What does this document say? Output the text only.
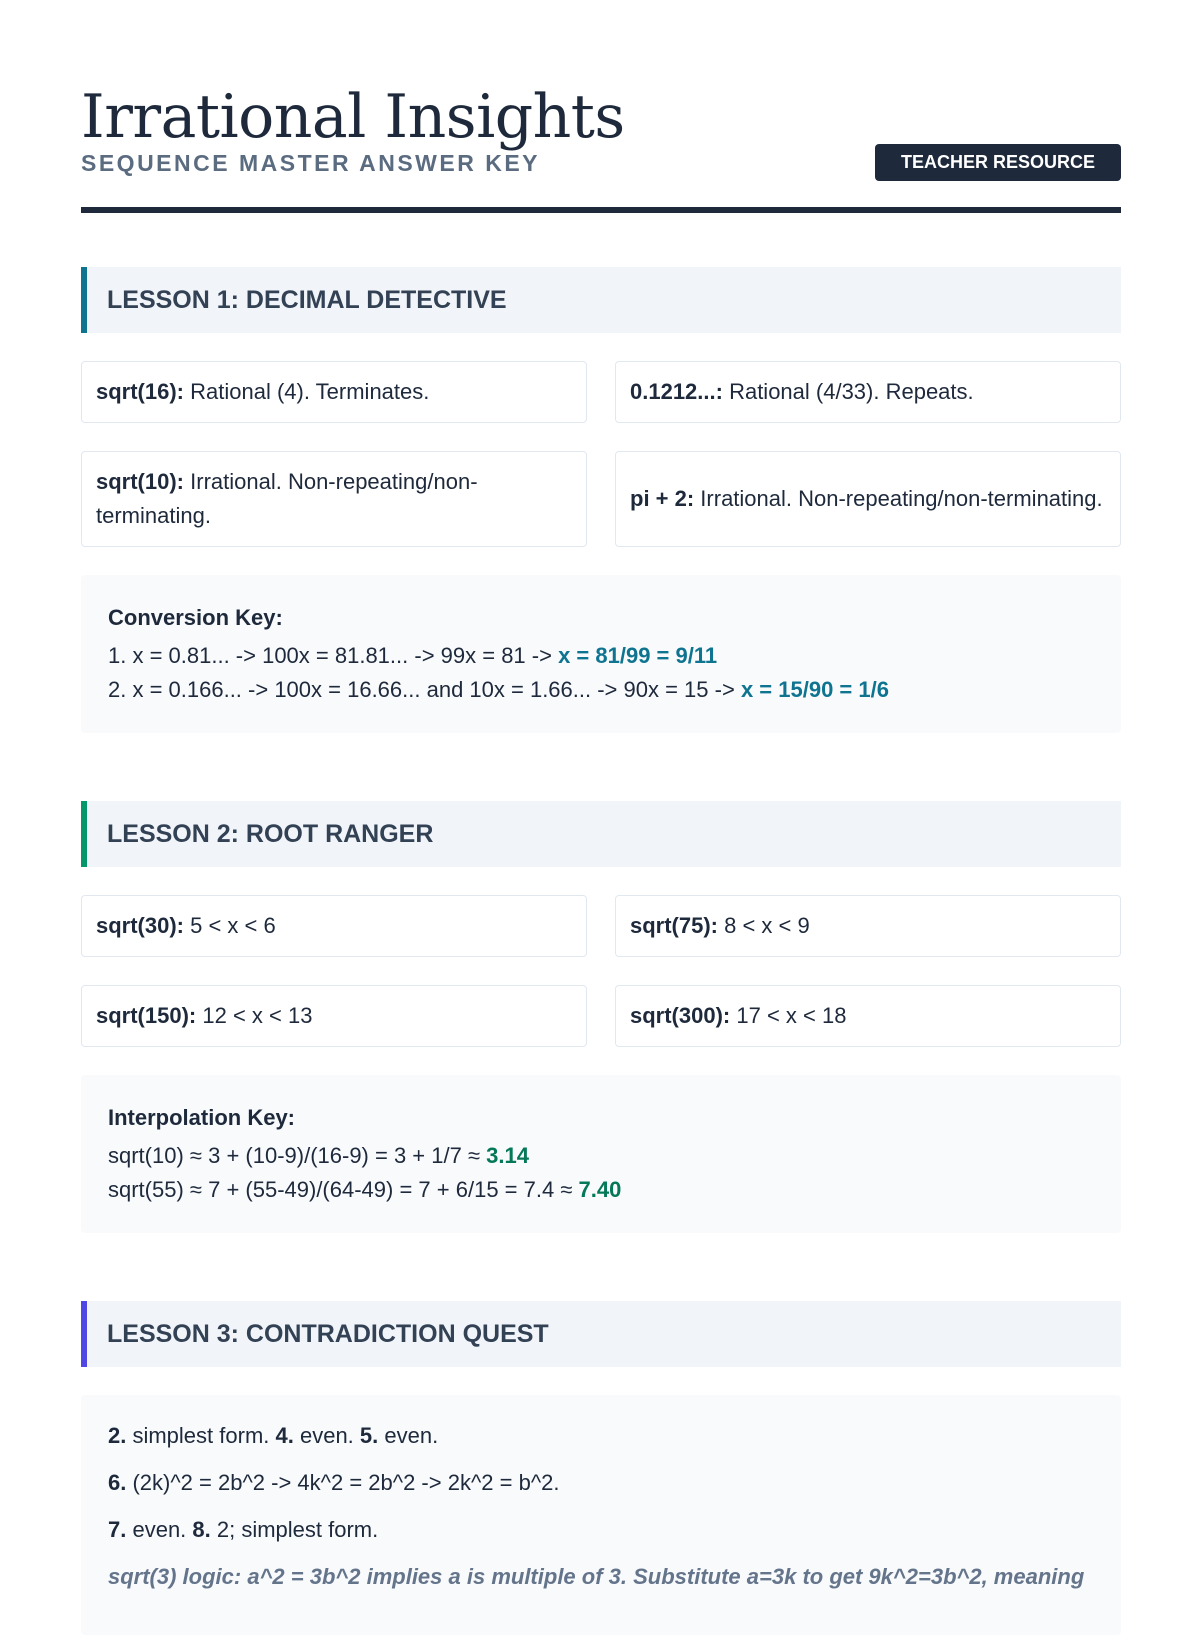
Irrational Insights
SEQUENCE MASTER ANSWER KEY	TEACHER RESOURCE
LESSON 1: DECIMAL DETECTIVE
sqrt(16): Rational (4). Terminates.	0.1212...: Rational (4/33). Repeats.
sqrt(10): Irrational. Non-repeating/non-terminating.
pi + 2: Irrational. Non-repeating/non-terminating.
Conversion Key:
1. x = 0.81... -> 100x = 81.81... -> 99x = 81 -> x = 81/99 = 9/11
2. x = 0.166... -> 100x = 16.66... and 10x = 1.66... -> 90x = 15 -> x = 15/90 = 1/6
LESSON 2: ROOT RANGER
sqrt(30): 5 < x < 6	sqrt(75): 8 < x < 9
sqrt(150): 12 < x < 13	sqrt(300): 17 < x < 18
Interpolation Key:
sqrt(10) ≈ 3 + (10-9)/(16-9) = 3 + 1/7 ≈ 3.14
sqrt(55) ≈ 7 + (55-49)/(64-49) = 7 + 6/15 = 7.4 ≈ 7.40
LESSON 3: CONTRADICTION QUEST
2. simplest form. 4. even. 5. even.
6. (2k)^2 = 2b^2 -> 4k^2 = 2b^2 -> 2k^2 = b^2.
7. even. 8. 2; simplest form.
sqrt(3) logic: a^2 = 3b^2 implies a is multiple of 3. Substitute a=3k to get 9k^2=3b^2, meaning
